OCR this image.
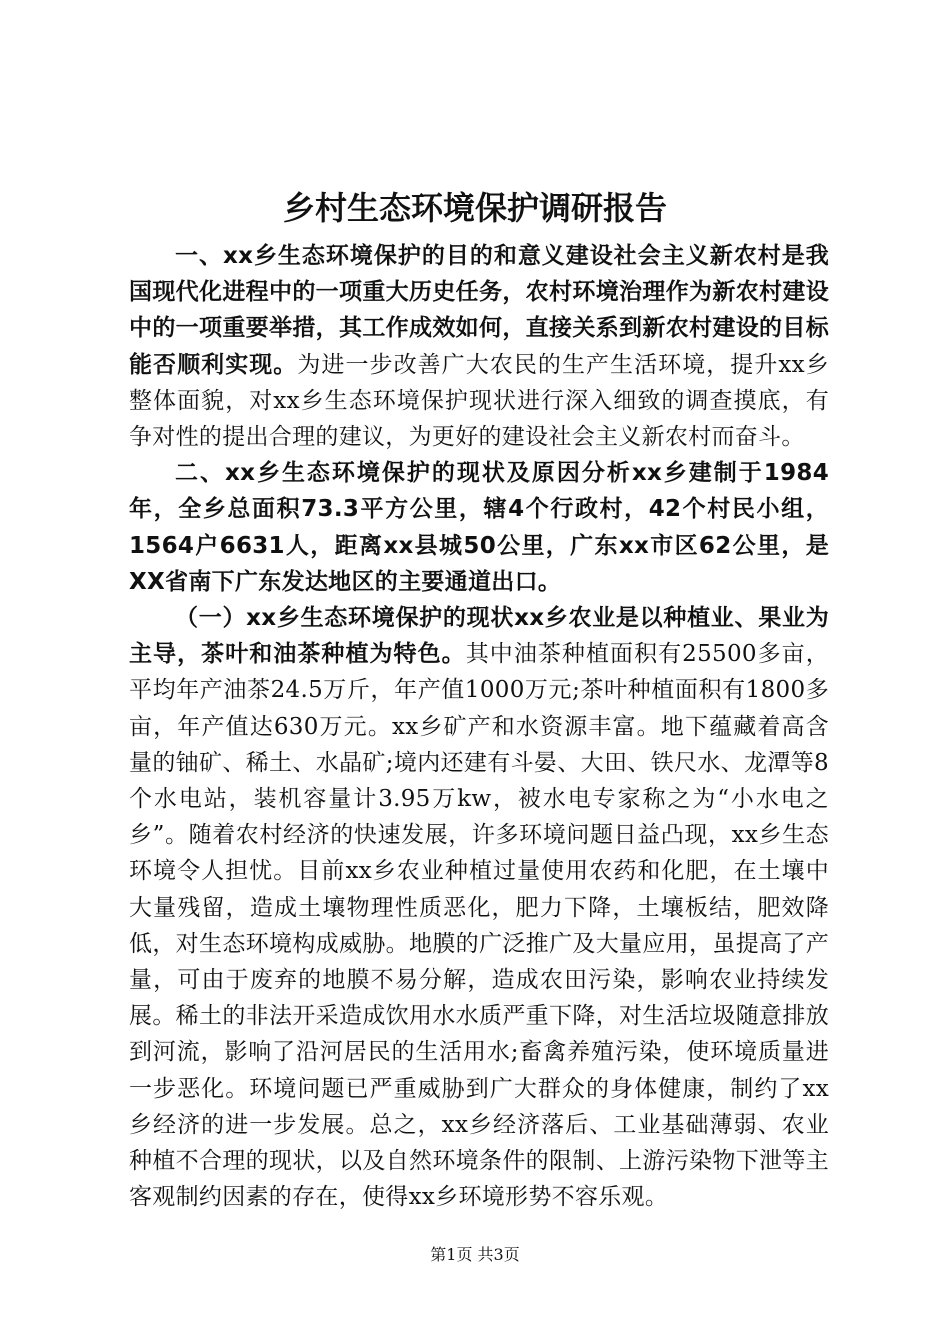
乡村生态环境保护调研报告

一、xx乡生态环境保护的目的和意义建设社会主义新农村是我国现代化进程中的一项重大历史任务，农村环境治理作为新农村建设中的一项重要举措，其工作成效如何，直接关系到新农村建设的目标能否顺利实现。为进一步改善广大农民的生产生活环境，提升xx乡整体面貌，对xx乡生态环境保护现状进行深入细致的调查摸底，有争对性的提出合理的建议，为更好的建设社会主义新农村而奋斗。

二、xx乡生态环境保护的现状及原因分析xx乡建制于1984年，全乡总面积73.3平方公里，辖4个行政村，42个村民小组，1564户6631人，距离xx县城50公里，广东xx市区62公里，是XX省南下广东发达地区的主要通道出口。

（一）xx乡生态环境保护的现状xx乡农业是以种植业、果业为主导，茶叶和油茶种植为特色。其中油茶种植面积有25500多亩，平均年产油茶24.5万斤，年产值1000万元;茶叶种植面积有1800多亩，年产值达630万元。xx乡矿产和水资源丰富。地下蕴藏着高含量的铀矿、稀土、水晶矿;境内还建有斗晏、大田、铁尺水、龙潭等8个水电站，装机容量计3.95万kw，被水电专家称之为“小水电之乡”。随着农村经济的快速发展，许多环境问题日益凸现，xx乡生态环境令人担忧。目前xx乡农业种植过量使用农药和化肥，在土壤中大量残留，造成土壤物理性质恶化，肥力下降，土壤板结，肥效降低，对生态环境构成威胁。地膜的广泛推广及大量应用，虽提高了产量，可由于废弃的地膜不易分解，造成农田污染，影响农业持续发展。稀土的非法开采造成饮用水水质严重下降，对生活垃圾随意排放到河流，影响了沿河居民的生活用水;畜禽养殖污染，使环境质量进一步恶化。环境问题已严重威胁到广大群众的身体健康，制约了xx乡经济的进一步发展。总之，xx乡经济落后、工业基础薄弱、农业种植不合理的现状，以及自然环境条件的限制、上游污染物下泄等主客观制约因素的存在，使得xx乡环境形势不容乐观。

第1页 共3页
